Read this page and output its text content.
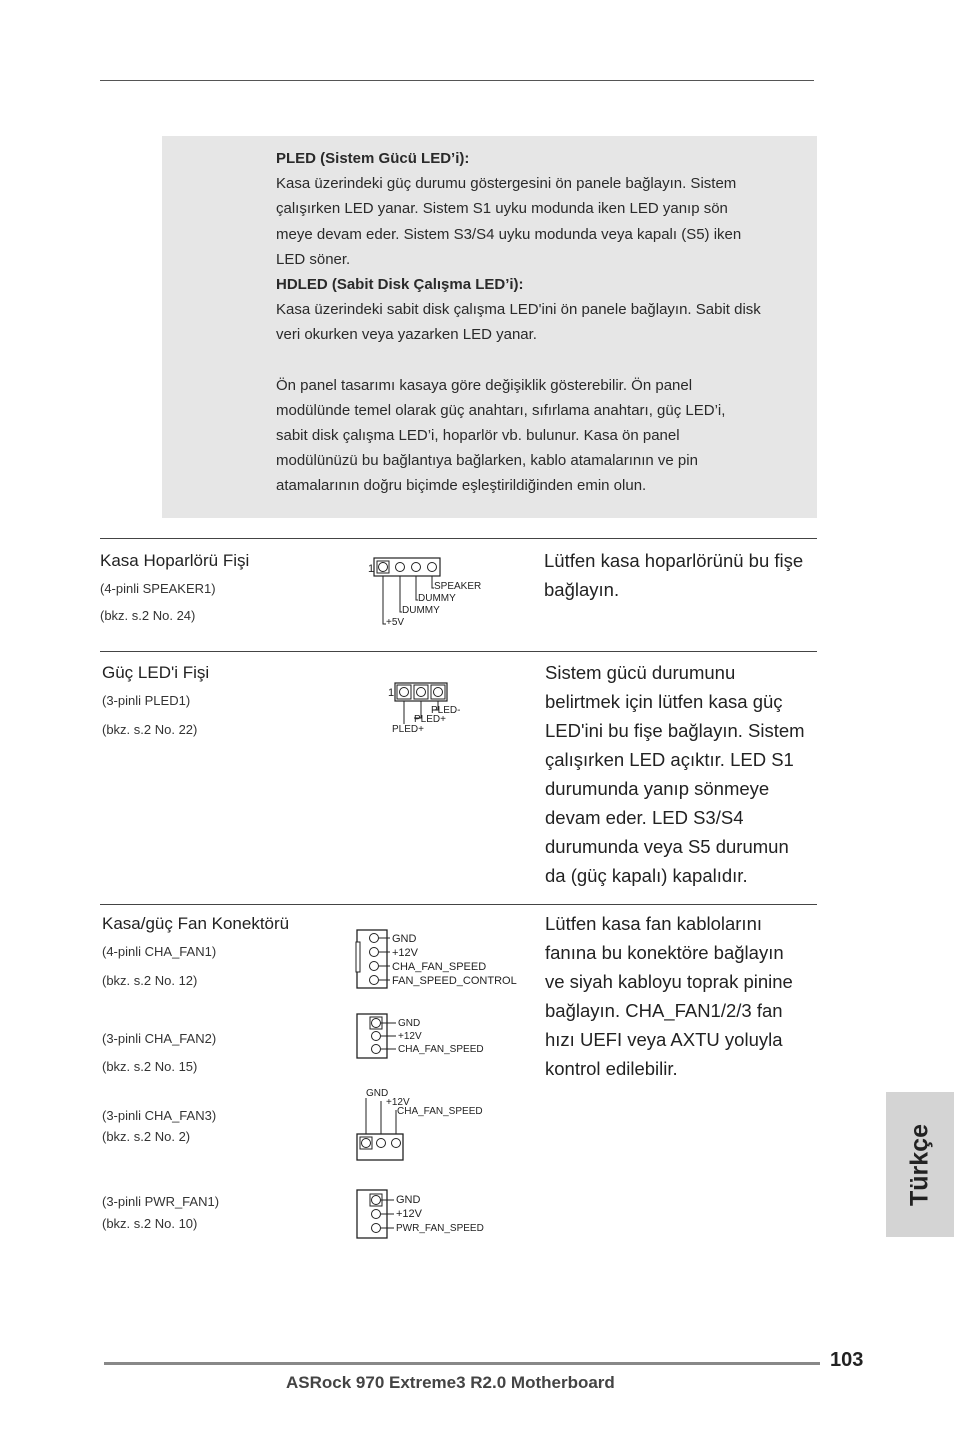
PLED (Sistem Gücü LED’i):
Kasa üzerindeki güç durumu göstergesini ön panele bağlayın. Sistem
çalışırken LED yanar. Sistem S1 uyku modunda iken LED yanıp sön
meye devam eder. Sistem S3/S4 uyku modunda veya kapalı (S5) iken
LED söner.
HDLED (Sabit Disk Çalışma LED’i):
Kasa üzerindeki sabit disk çalışma LED'ini ön panele bağlayın. Sabit disk
veri okurken veya yazarken LED yanar.
Ön panel tasarımı kasaya göre değişiklik gösterebilir. Ön panel
modülünde temel olarak güç anahtarı, sıfırlama anahtarı, güç LED’i,
sabit disk çalışma LED’i, hoparlör vb. bulunur. Kasa ön panel
modülünüzü bu bağlantıya bağlarken, kablo atamalarının ve pin
atamalarının doğru biçimde eşleştirildiğinden emin olun.
Kasa Hoparlörü Fişi
(4-pinli SPEAKER1)
(bkz. s.2 No. 24)
1
SPEAKER
DUMMY
DUMMY
+5V
Lütfen kasa hoparlörünü bu fişe
bağlayın.
Güç LED'i Fişi
(3-pinli PLED1)
(bkz. s.2 No. 22)
1
PLED-
PLED+
PLED+
Sistem gücü durumunu
belirtmek için lütfen kasa güç
LED'ini bu fişe bağlayın. Sistem
çalışırken LED açıktır. LED S1
durumunda yanıp sönmeye
devam eder. LED S3/S4
durumunda veya S5 durumun
da (güç kapalı) kapalıdır.
Kasa/güç Fan Konektörü
(4-pinli CHA_FAN1)
(bkz. s.2 No. 12)
(3-pinli CHA_FAN2)
(bkz. s.2 No. 15)
(3-pinli CHA_FAN3)
(bkz. s.2 No. 2)
(3-pinli PWR_FAN1)
(bkz. s.2 No. 10)
GND
+12V
CHA_FAN_SPEED
FAN_SPEED_CONTROL
GND
+12V
CHA_FAN_SPEED
GND
+12V
CHA_FAN_SPEED
GND
+12V
PWR_FAN_SPEED
Lütfen kasa fan kablolarını
fanına bu konektöre bağlayın
ve siyah kabloyu toprak pinine
bağlayın. CHA_FAN1/2/3 fan
hızı UEFI veya AXTU yoluyla
kontrol edilebilir.
Türkçe
103
ASRock 970 Extreme3 R2.0 Motherboard
